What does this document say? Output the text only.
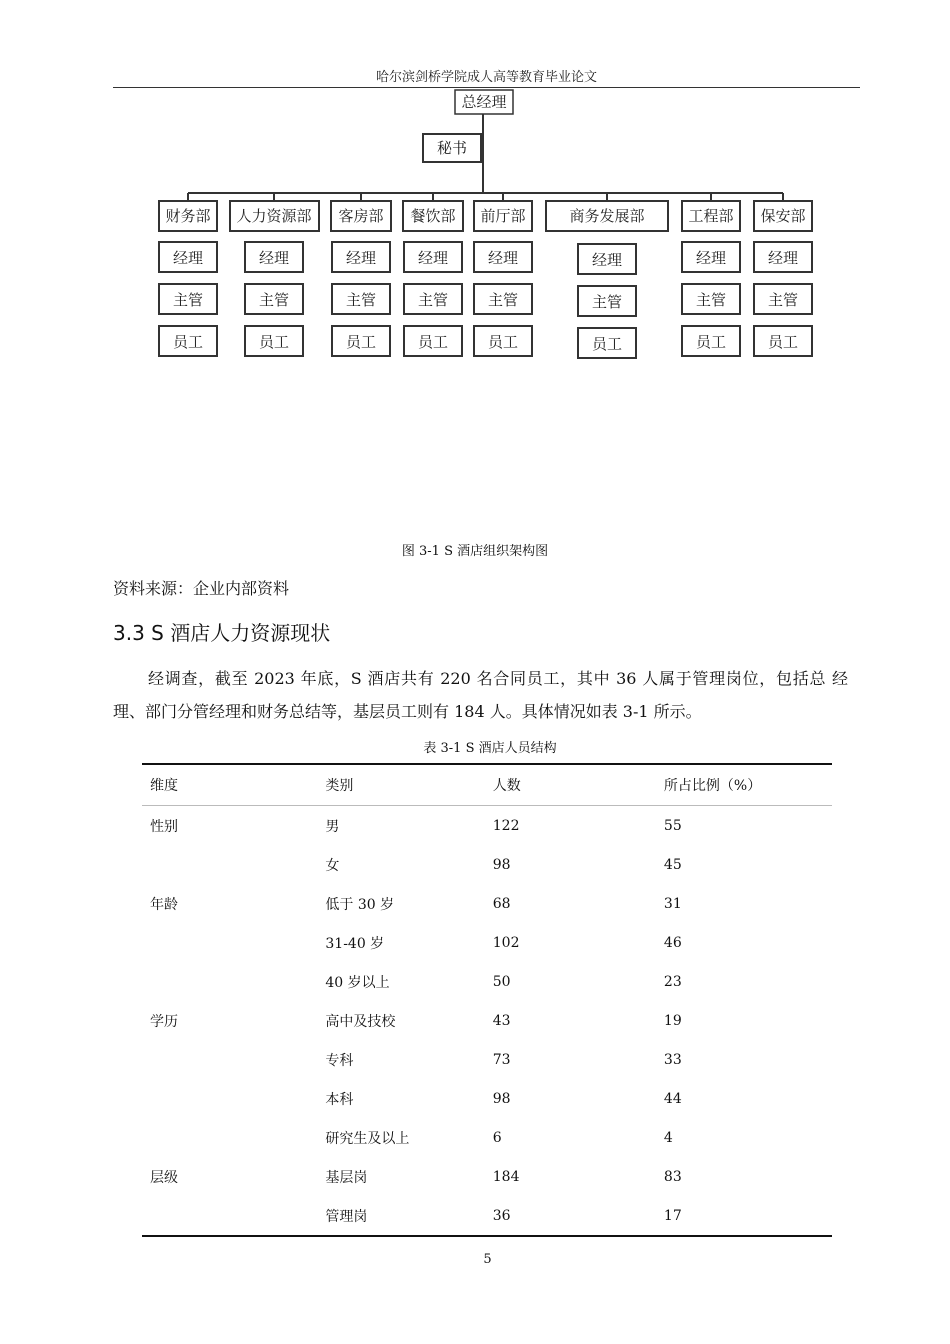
哈尔滨剑桥学院成人高等教育毕业论文
总经理
秘书
财务部 人力资源部 客房部 餐饮部 前厅部	商务发展部	工程部 保安部
经理
主管
员工
经理
主管
员工
经理
主管
员工
经理
主管
员工
经理
主管
员工
经理
主管
员工
经理
主管
员工
经理
主管
员工
图 3-1 S 酒店组织架构图
资料来源：企业内部资料
3.3 S 酒店人力资源现状
经调查，截至 2023 年底，S 酒店共有 220 名合同员工，其中 36 人属于管理岗位，包括总 经理、部门分管经理和财务总结等，基层员工则有 184 人。具体情况如表 3-1 所示。
表 3-1 S 酒店人员结构
维度	类别	人数	所占比例（%）
性别	男	122	55
	女	98	45
年龄	低于 30 岁	68	31
	31-40 岁	102	46
	40 岁以上	50	23
学历	高中及技校	43	19
	专科	73	33
	本科	98	44
	研究生及以上	6	4
层级	基层岗	184	83
	管理岗	36	17
5
